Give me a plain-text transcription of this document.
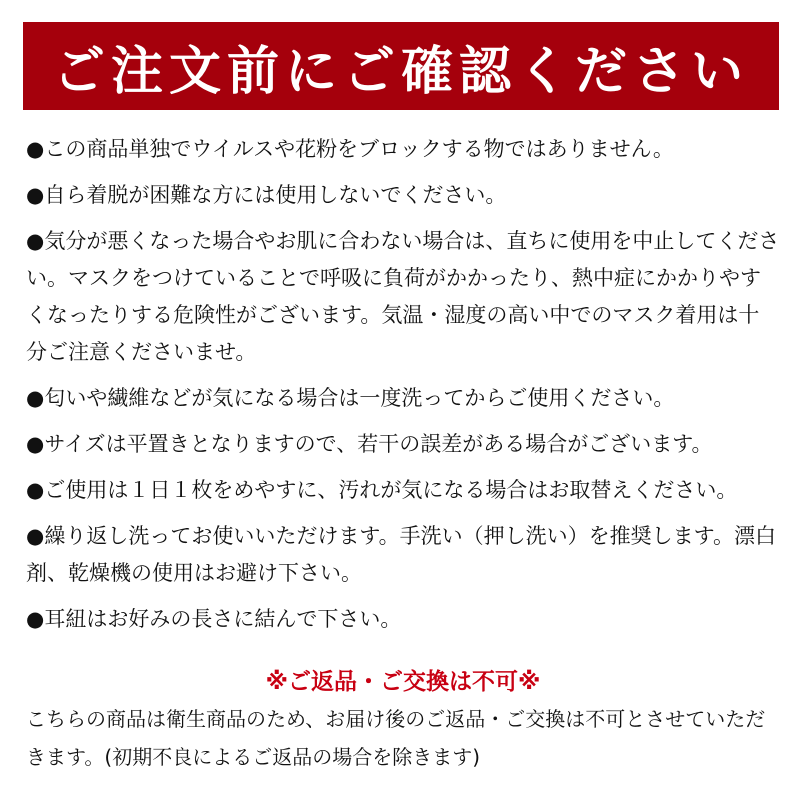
ご注文前にご確認ください

●この商品単独でウイルスや花粉をブロックする物ではありません。

●自ら着脱が困難な方には使用しないでください。

●気分が悪くなった場合やお肌に合わない場合は、直ちに使用を中止してください。マスクをつけていることで呼吸に負荷がかかったり、熱中症にかかりやすくなったりする危険性がございます。気温・湿度の高い中でのマスク着用は十分ご注意くださいませ。

●匂いや繊維などが気になる場合は一度洗ってからご使用ください。

●サイズは平置きとなりますので、若干の誤差がある場合がございます。

●ご使用は１日１枚をめやすに、汚れが気になる場合はお取替えください。

●繰り返し洗ってお使いいただけます。手洗い（押し洗い）を推奨します。漂白剤、乾燥機の使用はお避け下さい。

●耳紐はお好みの長さに結んで下さい。

※ご返品・ご交換は不可※

こちらの商品は衛生商品のため、お届け後のご返品・ご交換は不可とさせていただきます。(初期不良によるご返品の場合を除きます)
